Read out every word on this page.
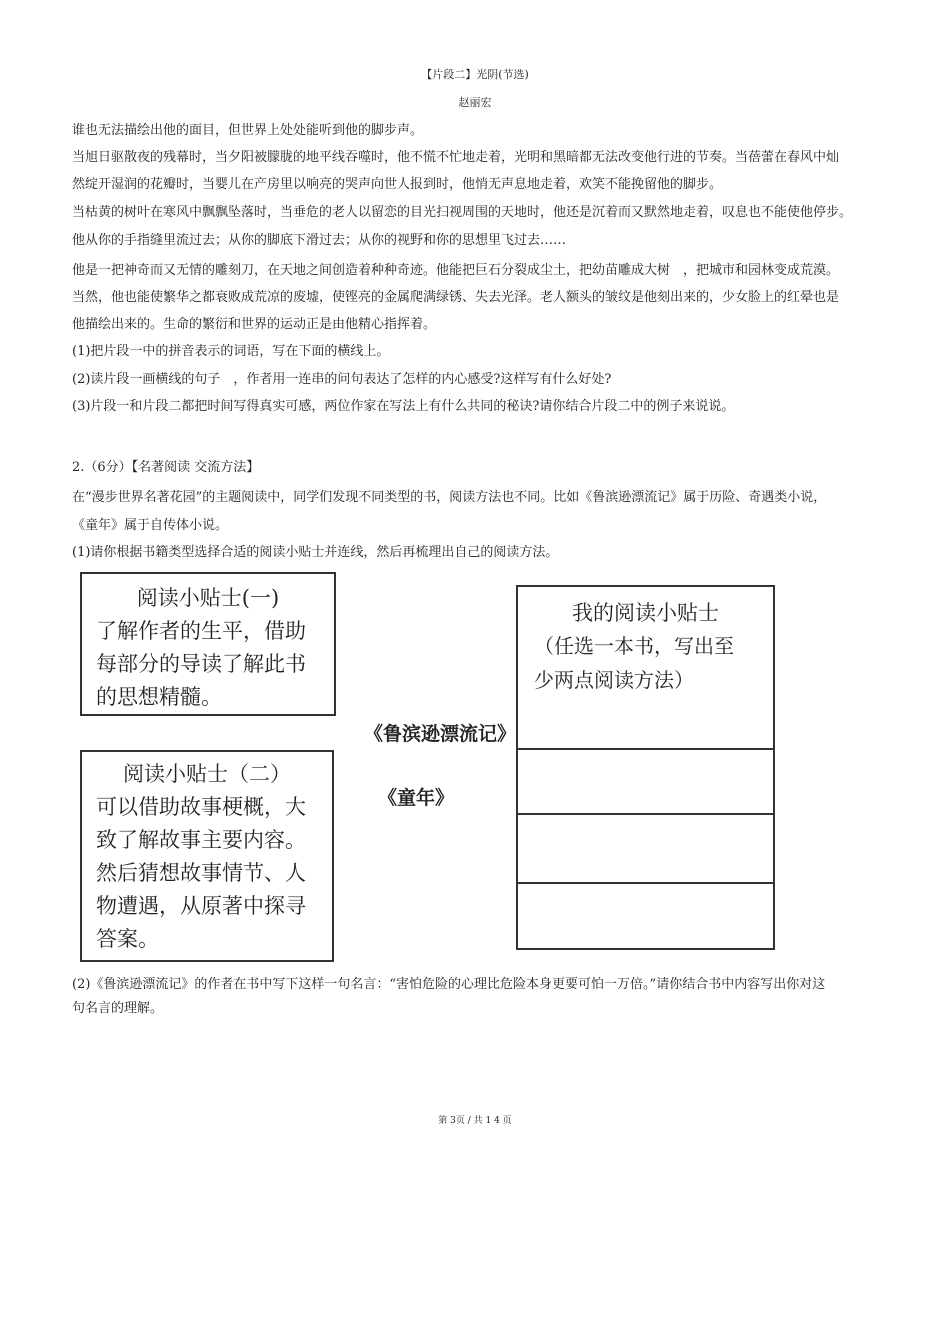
【片段二】光阴(节选)
赵丽宏
谁也无法描绘出他的面目，但世界上处处能听到他的脚步声。
当旭日驱散夜的残幕时，当夕阳被朦胧的地平线吞噬时，他不慌不忙地走着，光明和黑暗都无法改变他行进的节奏。当蓓蕾在春风中灿
然绽开湿润的花瓣时，当婴儿在产房里以响亮的哭声向世人报到时，他悄无声息地走着，欢笑不能挽留他的脚步。
当枯黄的树叶在寒风中飘飘坠落时，当垂危的老人以留恋的目光扫视周围的天地时，他还是沉着而又默然地走着，叹息也不能使他停步。
他从你的手指缝里流过去；从你的脚底下滑过去；从你的视野和你的思想里飞过去……
他是一把神奇而又无情的雕刻刀，在天地之间创造着种种奇迹。他能把巨石分裂成尘土，把幼苗雕成大树　，把城市和园林变成荒漠。
当然，他也能使繁华之都衰败成荒凉的废墟，使铿亮的金属爬满绿锈、失去光泽。老人额头的皱纹是他刻出来的，少女脸上的红晕也是
他描绘出来的。生命的繁衍和世界的运动正是由他精心指挥着。
(1)把片段一中的拼音表示的词语，写在下面的横线上。
(2)读片段一画横线的句子　，作者用一连串的问句表达了怎样的内心感受?这样写有什么好处?
(3)片段一和片段二都把时间写得真实可感，两位作家在写法上有什么共同的秘诀?请你结合片段二中的例子来说说。
2.（6分）【名著阅读 交流方法】
在“漫步世界名著花园”的主题阅读中，同学们发现不同类型的书，阅读方法也不同。比如《鲁滨逊漂流记》属于历险、奇遇类小说，
《童年》属于自传体小说。
(1)请你根据书籍类型选择合适的阅读小贴士并连线，然后再梳理出自己的阅读方法。
阅读小贴士(一)
了解作者的生平，借助
每部分的导读了解此书
的思想精髓。
阅读小贴士（二）
可以借助故事梗概，大
致了解故事主要内容。
然后猜想故事情节、人
物遭遇，从原著中探寻
答案。
《鲁滨逊漂流记》
《童年》
我的阅读小贴士
（任选一本书，写出至
少两点阅读方法）
(2)《鲁滨逊漂流记》的作者在书中写下这样一句名言：“害怕危险的心理比危险本身更要可怕一万倍。”请你结合书中内容写出你对这
句名言的理解。
第 3页 / 共 1 4 页
